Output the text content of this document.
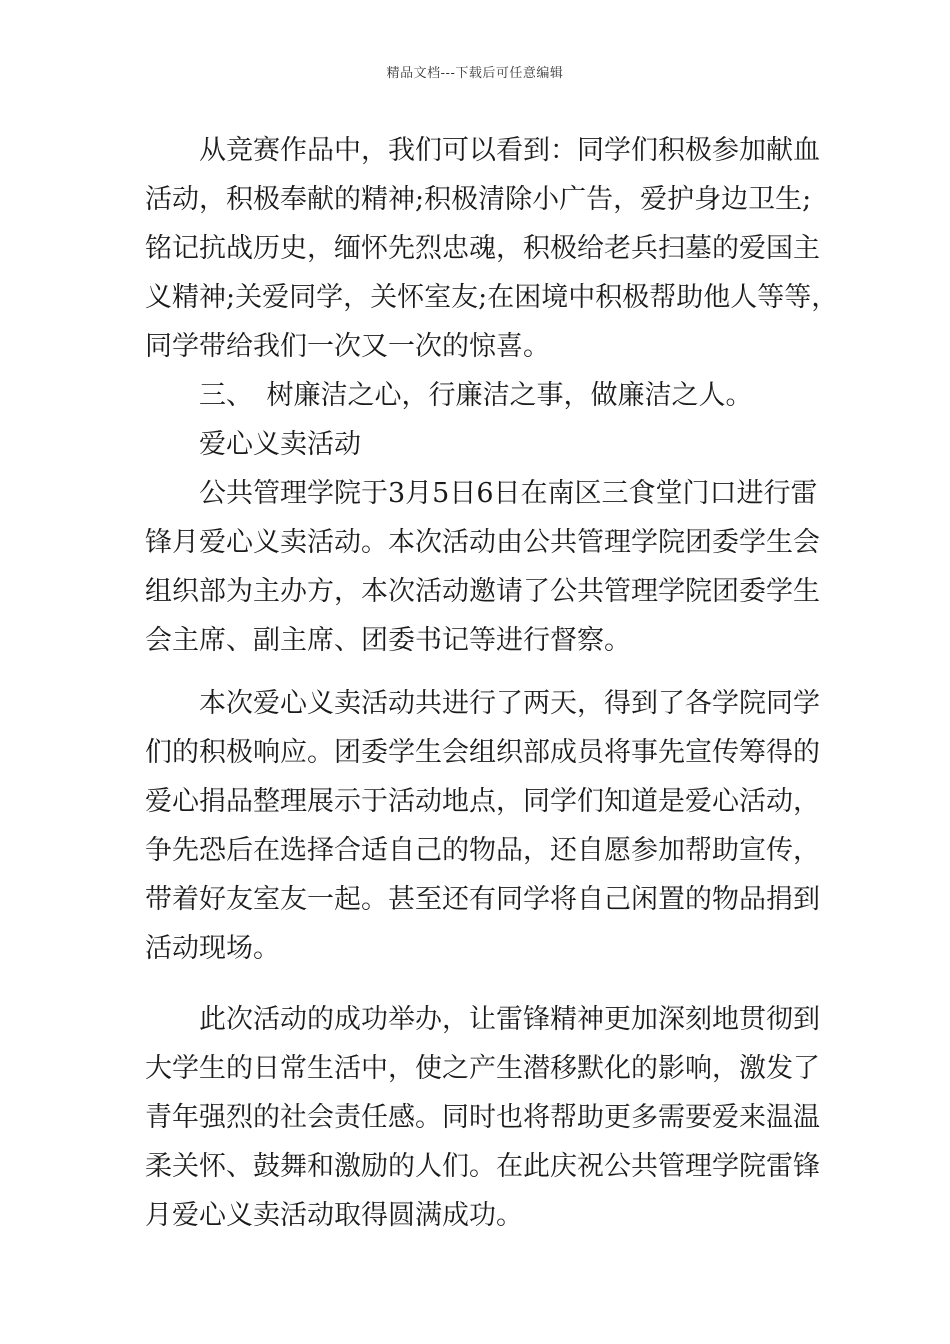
精品文档---下载后可任意编辑
　　从竞赛作品中，我们可以看到：同学们积极参加献血
活动，积极奉献的精神;积极清除小广告，爱护身边卫生;
铭记抗战历史，缅怀先烈忠魂，积极给老兵扫墓的爱国主
义精神;关爱同学，关怀室友;在困境中积极帮助他人等等，
同学带给我们一次又一次的惊喜。
　　三、　树廉洁之心，行廉洁之事，做廉洁之人。
　　爱心义卖活动
　　公共管理学院于3月5日6日在南区三食堂门口进行雷
锋月爱心义卖活动。本次活动由公共管理学院团委学生会
组织部为主办方，本次活动邀请了公共管理学院团委学生
会主席、副主席、团委书记等进行督察。
　　本次爱心义卖活动共进行了两天，得到了各学院同学
们的积极响应。团委学生会组织部成员将事先宣传筹得的
爱心捐品整理展示于活动地点，同学们知道是爱心活动，
争先恐后在选择合适自己的物品，还自愿参加帮助宣传，
带着好友室友一起。甚至还有同学将自己闲置的物品捐到
活动现场。
　　此次活动的成功举办，让雷锋精神更加深刻地贯彻到
大学生的日常生活中，使之产生潜移默化的影响，激发了
青年强烈的社会责任感。同时也将帮助更多需要爱来温温
柔关怀、鼓舞和激励的人们。在此庆祝公共管理学院雷锋
月爱心义卖活动取得圆满成功。
